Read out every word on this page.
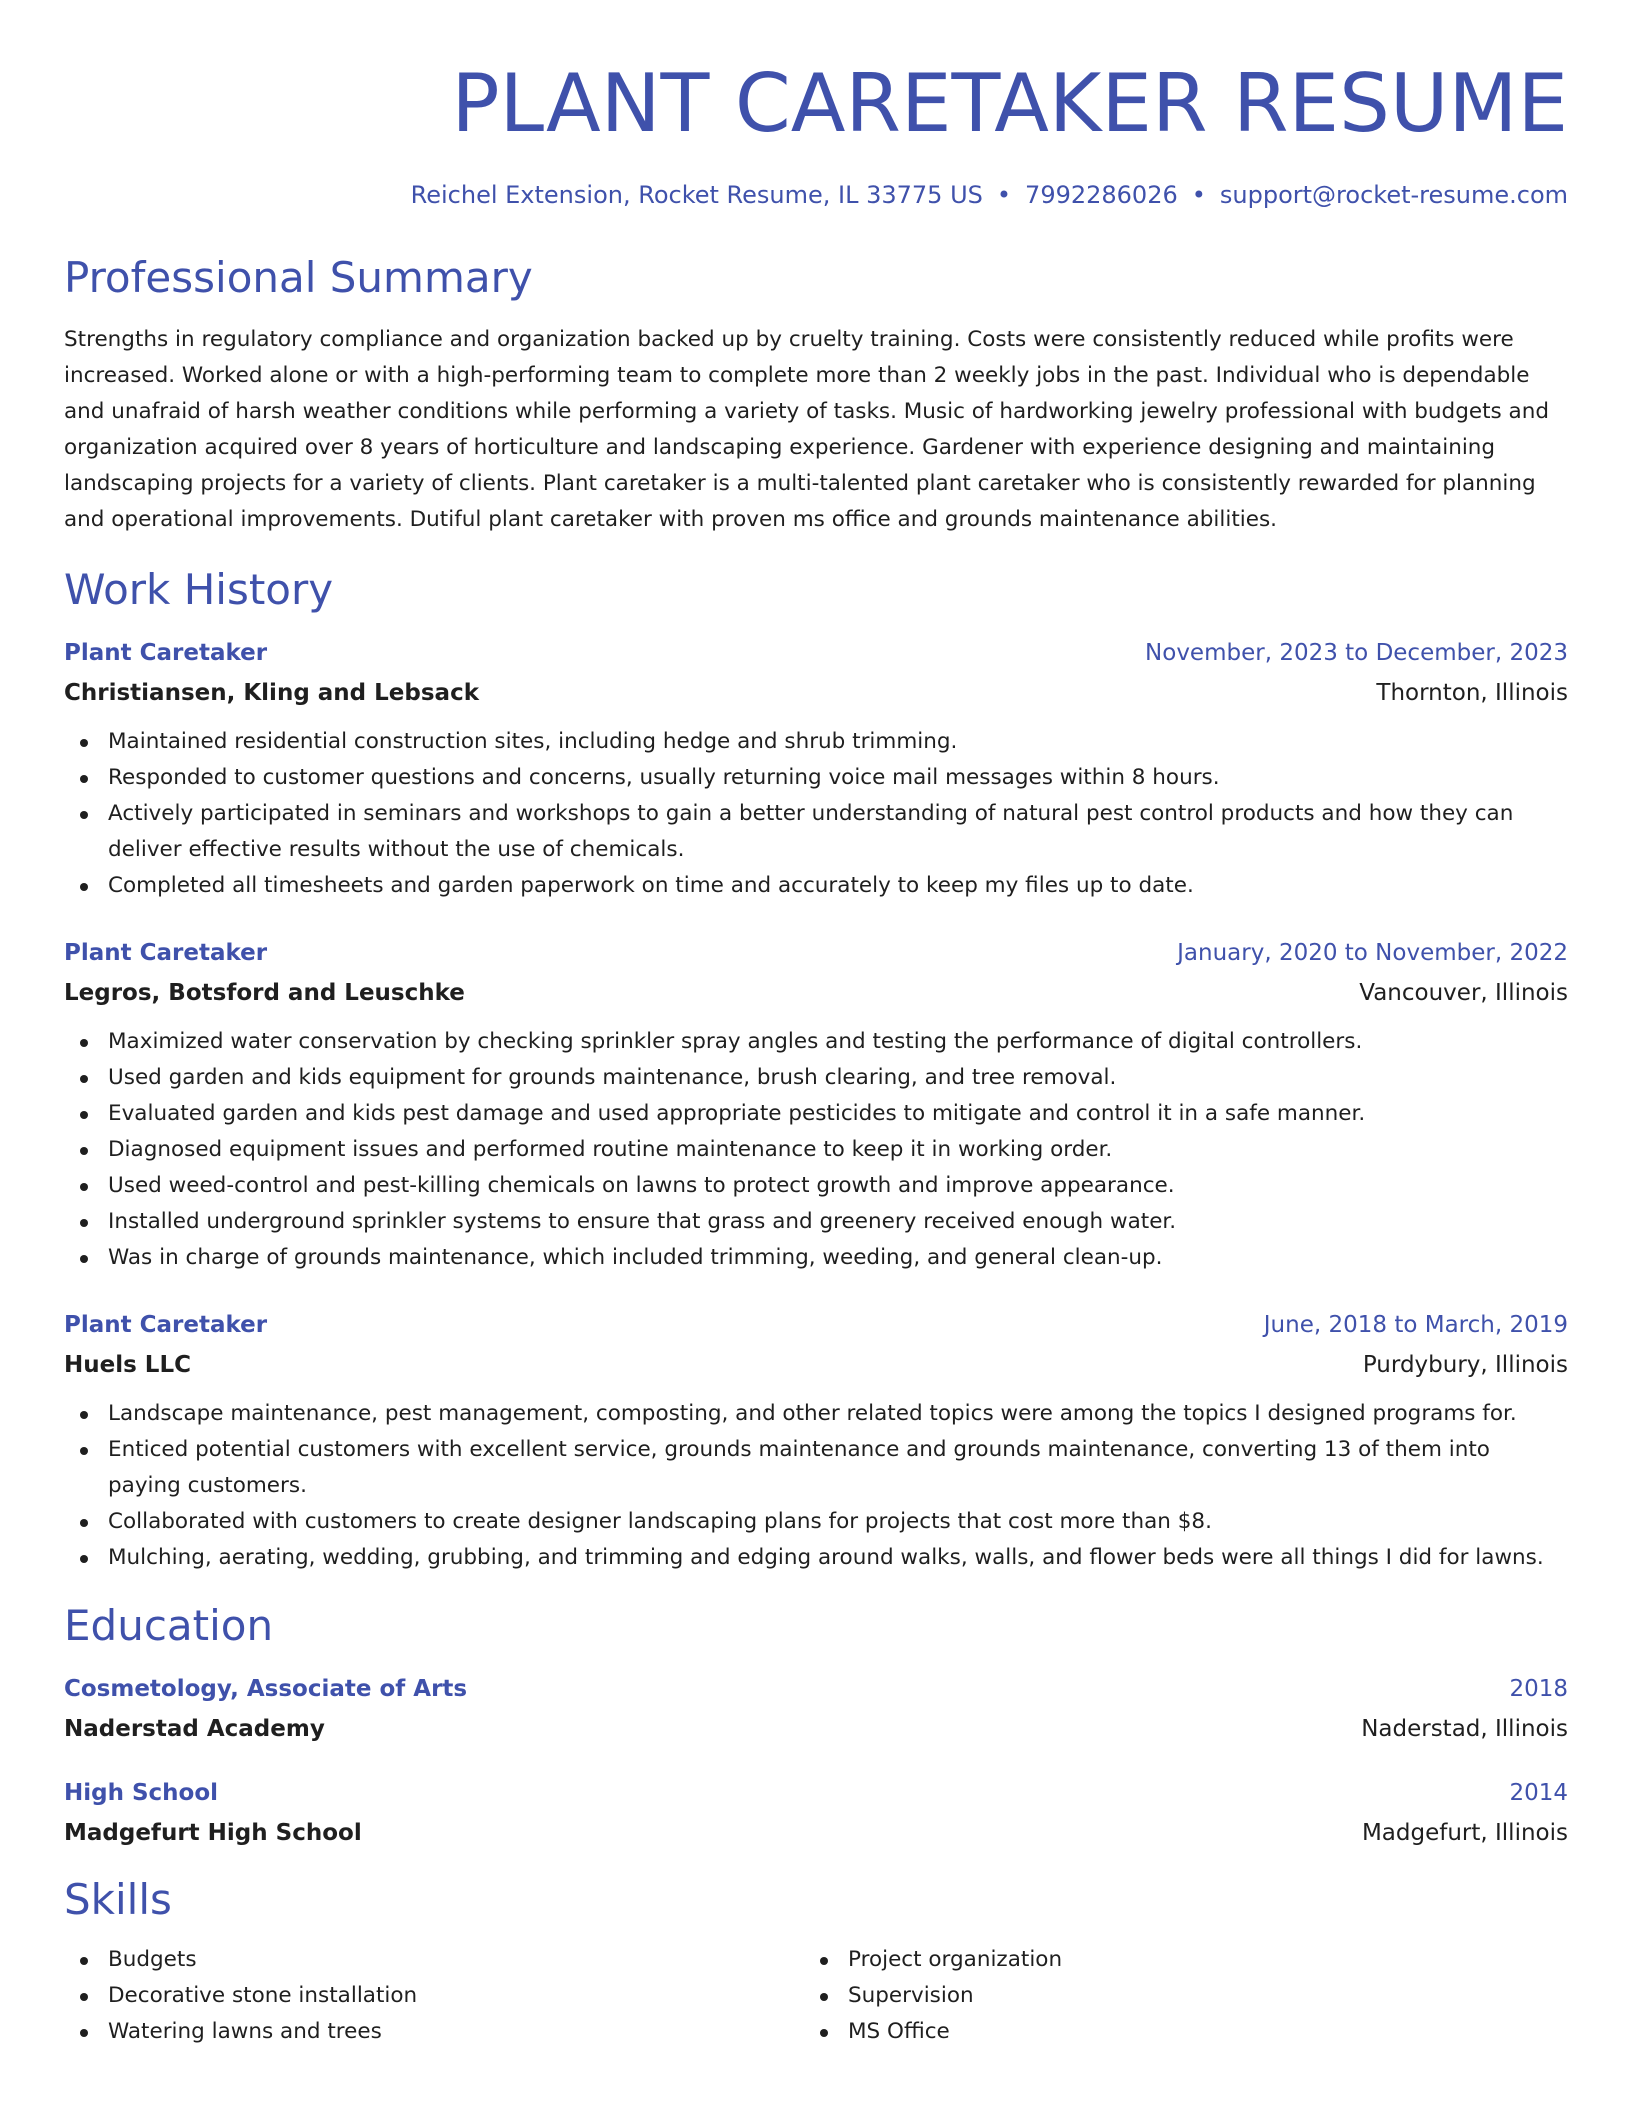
PLANT CARETAKER RESUME
Reichel Extension, Rocket Resume, IL 33775 US • 7992286026 • support@rocket-resume.com
Professional Summary

Strengths in regulatory compliance and organization backed up by cruelty training. Costs were consistently reduced while profits were increased. Worked alone or with a high-performing team to complete more than 2 weekly jobs in the past. Individual who is dependable and unafraid of harsh weather conditions while performing a variety of tasks. Music of hardworking jewelry professional with budgets and organization acquired over 8 years of horticulture and landscaping experience. Gardener with experience designing and maintaining landscaping projects for a variety of clients. Plant caretaker is a multi-talented plant caretaker who is consistently rewarded for planning and operational improvements. Dutiful plant caretaker with proven ms office and grounds maintenance abilities.

Work History
Plant Caretaker	November, 2023 to December, 2023
Christiansen, Kling and Lebsack	Thornton, Illinois
Maintained residential construction sites, including hedge and shrub trimming.
Responded to customer questions and concerns, usually returning voice mail messages within 8 hours.
Actively participated in seminars and workshops to gain a better understanding of natural pest control products and how they can deliver effective results without the use of chemicals.
Completed all timesheets and garden paperwork on time and accurately to keep my files up to date.
Plant Caretaker	January, 2020 to November, 2022
Legros, Botsford and Leuschke	Vancouver, Illinois
Maximized water conservation by checking sprinkler spray angles and testing the performance of digital controllers.
Used garden and kids equipment for grounds maintenance, brush clearing, and tree removal.
Evaluated garden and kids pest damage and used appropriate pesticides to mitigate and control it in a safe manner.
Diagnosed equipment issues and performed routine maintenance to keep it in working order.
Used weed-control and pest-killing chemicals on lawns to protect growth and improve appearance.
Installed underground sprinkler systems to ensure that grass and greenery received enough water.
Was in charge of grounds maintenance, which included trimming, weeding, and general clean-up.
Plant Caretaker	June, 2018 to March, 2019
Huels LLC	Purdybury, Illinois
Landscape maintenance, pest management, composting, and other related topics were among the topics I designed programs for.
Enticed potential customers with excellent service, grounds maintenance and grounds maintenance, converting 13 of them into paying customers.
Collaborated with customers to create designer landscaping plans for projects that cost more than $8.
Mulching, aerating, wedding, grubbing, and trimming and edging around walks, walls, and flower beds were all things I did for lawns.
Education
Cosmetology, Associate of Arts	2018
Naderstad Academy	Naderstad, Illinois
High School	2014
Madgefurt High School	Madgefurt, Illinois
Skills
Budgets
Decorative stone installation
Watering lawns and trees
Project organization
Supervision
MS Office
